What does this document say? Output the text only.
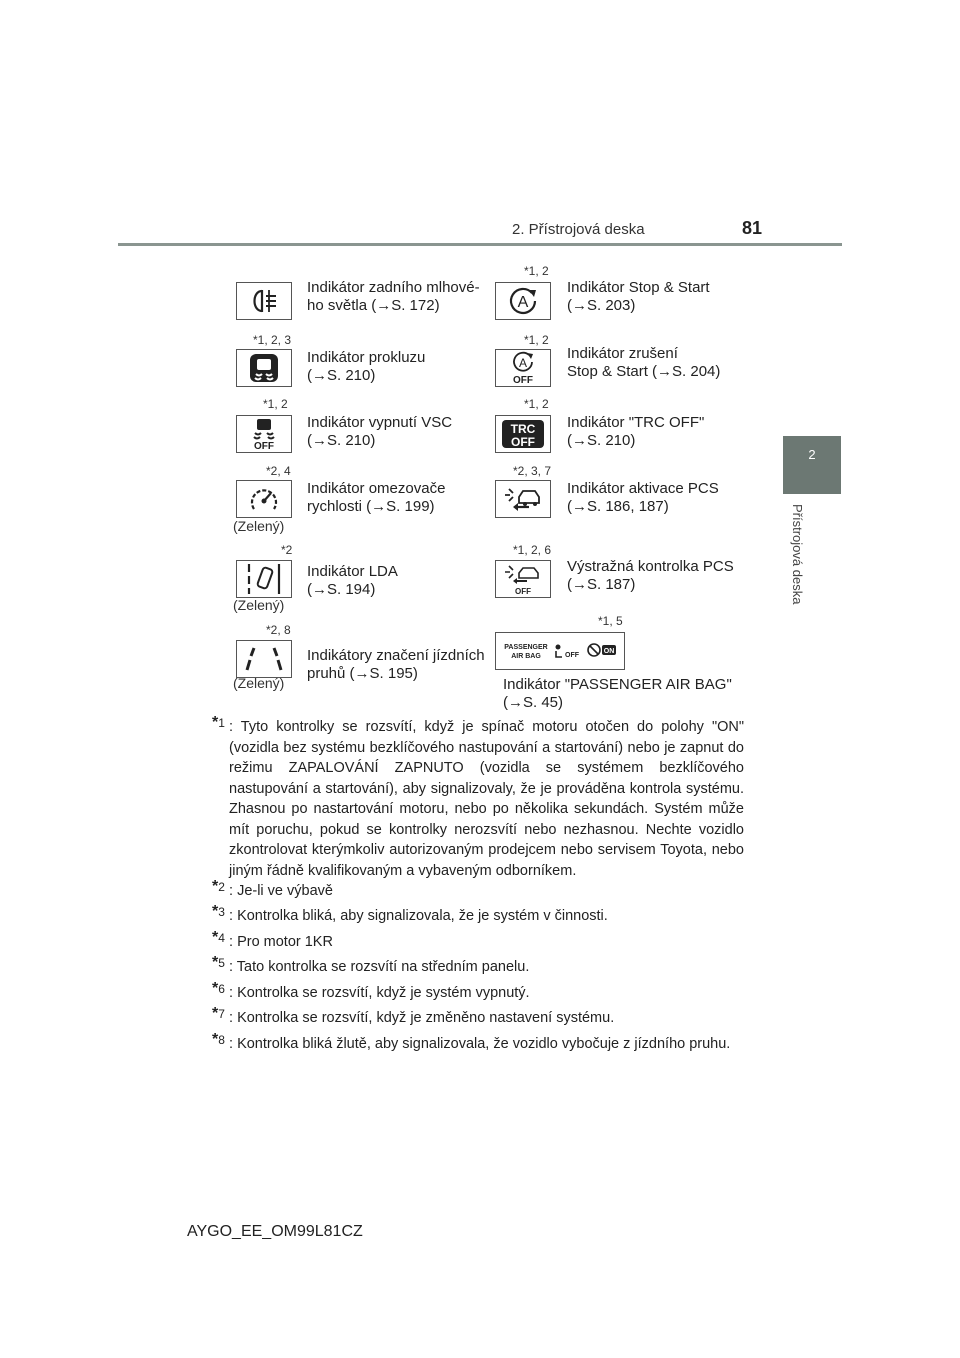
2. Přístrojová deska	81
2
Přístrojová deska
Indikátor zadního mlhové-
ho světla (→S. 172)
*1, 2
A
Indikátor Stop & Start
(→S. 203)
*1, 2, 3
Indikátor prokluzu
(→S. 210)
*1, 2
A
OFF
Indikátor zrušení
Stop & Start (→S. 204)
*1, 2
OFF
Indikátor vypnutí VSC
(→S. 210)
*1, 2
TRC
OFF
Indikátor "TRC OFF"
(→S. 210)
*2, 4
(Zelený)
Indikátor omezovače
rychlosti (→S. 199)
*2, 3, 7
Indikátor aktivace PCS
(→S. 186, 187)
*2
(Zelený)
Indikátor LDA
(→S. 194)
*1, 2, 6
OFF
Výstražná kontrolka PCS
(→S. 187)
*2, 8
(Zelený)
Indikátory značení jízdních
pruhů (→S. 195)
*1, 5
PASSENGER
AIR BAG	OFF
ON
Indikátor "PASSENGER AIR BAG"
(→S. 45)
*1 : Tyto kontrolky se rozsvítí, když je spínač motoru otočen do polohy "ON" (vozidla bez systému bezklíčového nastupování a startování) nebo je zapnut do režimu ZAPALOVÁNÍ ZAPNUTO (vozidla se systémem bezklíčového nastupování a startování), aby signalizovaly, že je prováděna kontrola systému. Zhasnou po nastartování motoru, nebo po několika sekundách. Systém může mít poruchu, pokud se kontrolky nerozsvítí nebo nezhasnou. Nechte vozidlo zkontrolovat kterýmkoliv autorizovaným prodejcem nebo servisem Toyota, nebo jiným řádně kvalifikovaným a vybaveným odborníkem.
*2 : Je-li ve výbavě
*3 : Kontrolka bliká, aby signalizovala, že je systém v činnosti.
*4 : Pro motor 1KR
*5 : Tato kontrolka se rozsvítí na středním panelu.
*6 : Kontrolka se rozsvítí, když je systém vypnutý.
*7 : Kontrolka se rozsvítí, když je změněno nastavení systému.
*8 : Kontrolka bliká žlutě, aby signalizovala, že vozidlo vybočuje z jízdního pruhu.
AYGO_EE_OM99L81CZ
